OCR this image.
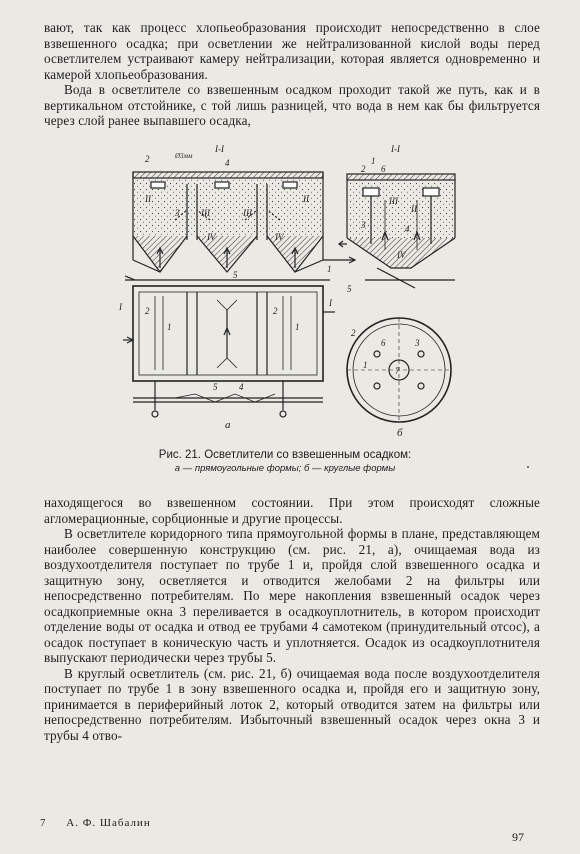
вают, так как процесс хлопьеобразования происходит непосредственно в слое взвешенного осадка; при осветлении же нейтрализованной кислой воды перед осветлителем устраивают камеру нейтрализации, которая является одновременно и камерой хлопьеобразования.

Вода в осветлителе со взвешенным осадком проходит такой же путь, как и в вертикальном отстойнике, с той лишь разницей, что вода в нем как бы фильтруется через слой ранее выпавшего осадка,

I-I
Ø3мм
2	4
II
3 III	III
II
IV	IV
5
I	2
1
2
1
I
5 4
а
I-I
1
2 6
III
II
3	4
IV
1
5
2
6	3
7
1
б
Рис. 21. Осветлители со взвешенным осадком:
а — прямоугольные формы; б — круглые формы

находящегося во взвешенном состоянии. При этом происходят сложные агломерационные, сорбционные и другие процессы.

В осветлителе коридорного типа прямоугольной формы в плане, представляющем наиболее совершенную конструкцию (см. рис. 21, а), очищаемая вода из воздухоотделителя поступает по трубе 1 и, пройдя слой взвешенного осадка и защитную зону, осветляется и отводится желобами 2 на фильтры или непосредственно потребителям. По мере накопления взвешенный осадок через осадкоприемные окна 3 переливается в осадкоуплотнитель, в котором происходит отделение воды от осадка и отвод ее трубами 4 самотеком (принудительный отсос), а осадок поступает в коническую часть и уплотняется. Осадок из осадкоуплотнителя выпускают периодически через трубы 5.

В круглый осветлитель (см. рис. 21, б) очищаемая вода после воздухоотделителя поступает по трубе 1 в зону взвешенного осадка и, пройдя его и защитную зону, принимается в периферийный лоток 2, который отводится затем на фильтры или непосредственно потребителям. Избыточный взвешенный осадок через окна 3 и трубы 4 отво-

7 А. Ф. Шабалин
97
